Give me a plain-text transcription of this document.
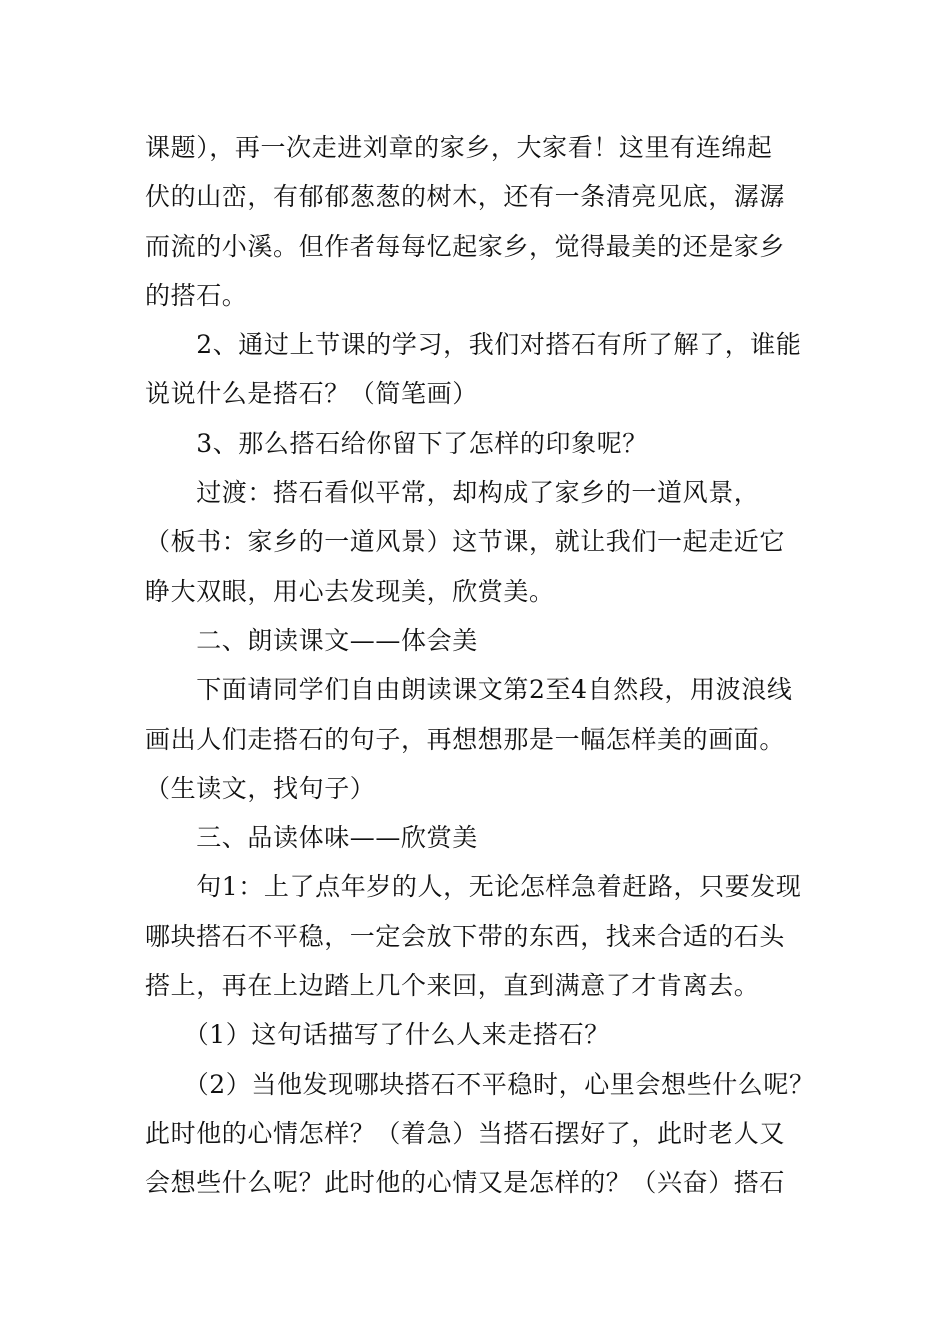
课题），再一次走进刘章的家乡，大家看！这里有连绵起
伏的山峦，有郁郁葱葱的树木，还有一条清亮见底，潺潺
而流的小溪。但作者每每忆起家乡，觉得最美的还是家乡
的搭石。
　　2、通过上节课的学习，我们对搭石有所了解了，谁能
说说什么是搭石？（简笔画）
　　3、那么搭石给你留下了怎样的印象呢？
　　过渡：搭石看似平常，却构成了家乡的一道风景，
（板书：家乡的一道风景）这节课，就让我们一起走近它
睁大双眼，用心去发现美，欣赏美。
　　二、朗读课文——体会美
　　下面请同学们自由朗读课文第2至4自然段，用波浪线
画出人们走搭石的句子，再想想那是一幅怎样美的画面。
（生读文，找句子）
　　三、品读体味——欣赏美
　　句1：上了点年岁的人，无论怎样急着赶路，只要发现
哪块搭石不平稳，一定会放下带的东西，找来合适的石头
搭上，再在上边踏上几个来回，直到满意了才肯离去。
　　（1）这句话描写了什么人来走搭石？
　　（2）当他发现哪块搭石不平稳时，心里会想些什么呢？
此时他的心情怎样？（着急）当搭石摆好了，此时老人又
会想些什么呢？此时他的心情又是怎样的？（兴奋）搭石
